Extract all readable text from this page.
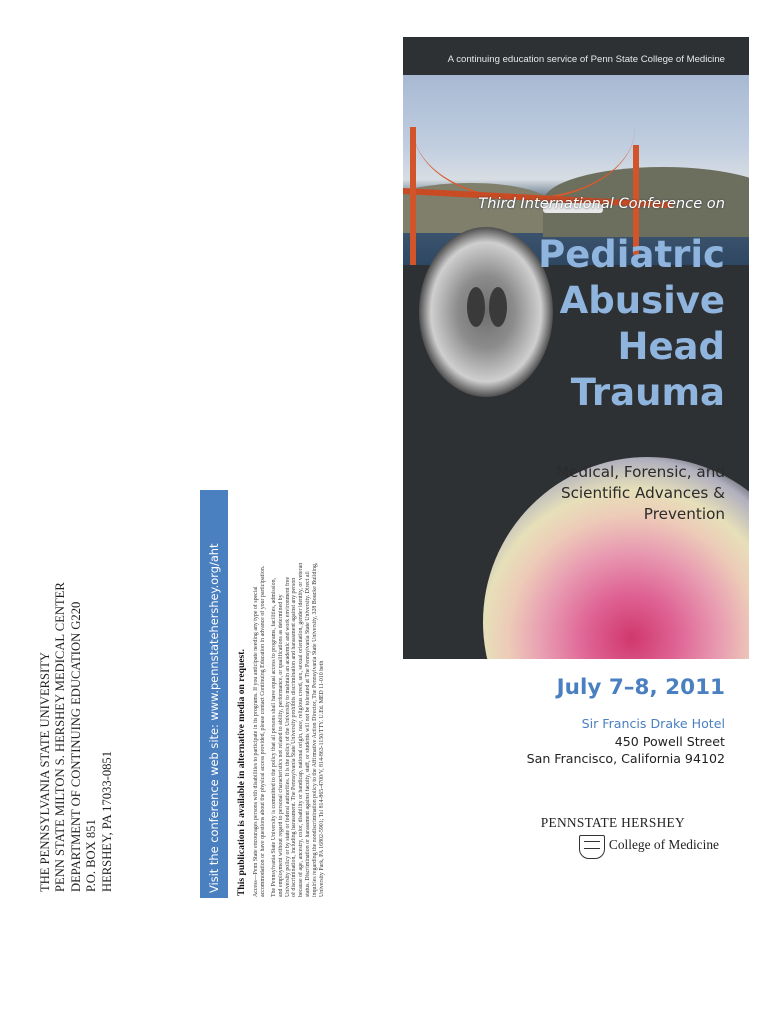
THE PENNSYLVANIA STATE UNIVERSITY PENN STATE MILTON S. HERSHEY MEDICAL CENTER DEPARTMENT OF CONTINUING EDUCATION G220 P.O. BOX 851 HERSHEY, PA 17033-0851	Visit the conference web site: www.pennstatehershey.org/aht This publication is available in alternative media on request. Access—Penn State encourages persons with disabilities to participate in its programs. If you anticipate needing any type of special accommodation or have questions about the physical access provided, please contact Continuing Education in advance of your participation. The Pennsylvania State University is committed to the policy that all persons shall have equal access to programs, facilities, admission, and employment without regard to personal characteristics not related to ability, performance, or qualifications as determined by University policy or by state or federal authorities. It is the policy of the University to maintain an academic and work environment free of discrimination, including harassment. The Pennsylvania State University prohibits discrimination and harassment against any person because of age, ancestry, color, disability or handicap, national origin, race, religious creed, sex, sexual orientation, gender identity, or veteran status. Discrimination or harassment against faculty, staff, or students will not be tolerated at The Pennsylvania State University. Direct all inquiries regarding the nondiscrimination policy to the Affirmative Action Director, The Pennsylvania State University, 328 Boucke Building, University Park, PA 16802-5901; Tel 814-865-4700/V, 814-863-1150/TTY. U.Ed. MED 11-010 beth
A continuing education service of Penn State College of Medicine
Third International Conference on
Pediatric
Abusive
Head
Trauma
Medical, Forensic, and
Scientific Advances &
Prevention
July 7–8, 2011
Sir Francis Drake Hotel
450 Powell Street
San Francisco, California 94102
PENNSTATE HERSHEY
College of Medicine
